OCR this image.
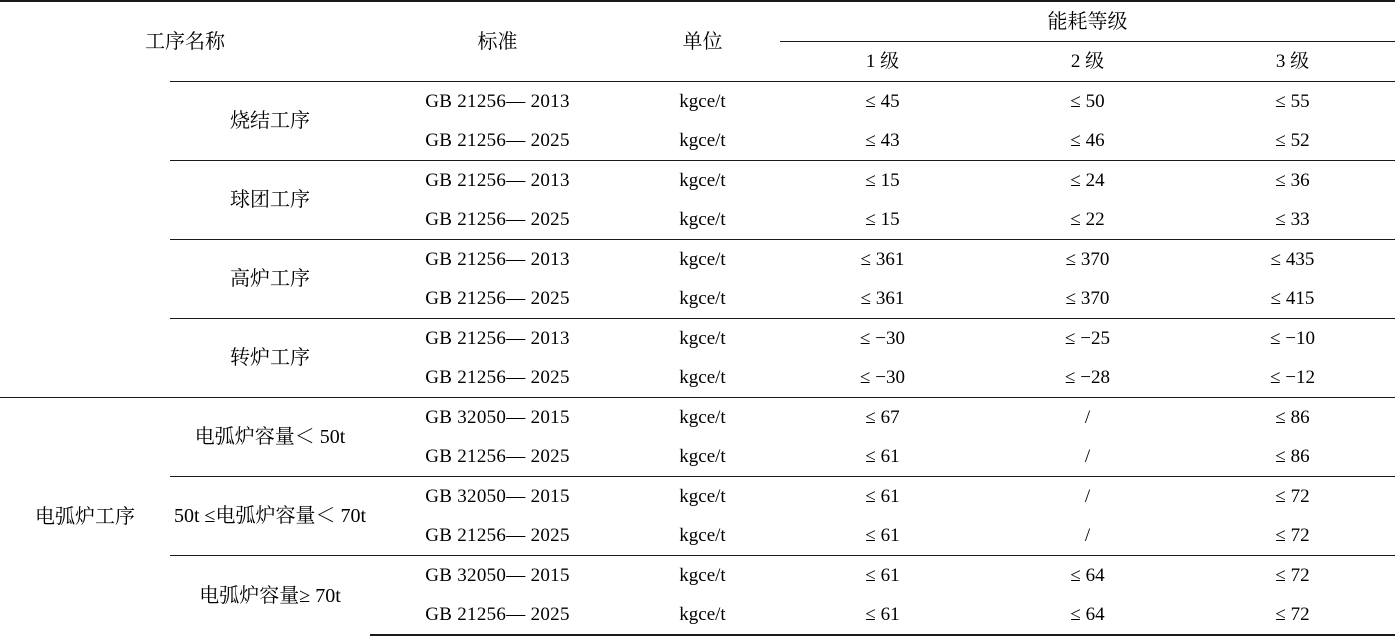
工序名称		标准	单位	能耗等级		
				1 级	2 级	3 级
	烧结工序	GB 21256— 2013	kgce/t	≤ 45	≤ 50	≤ 55
		GB 21256— 2025	kgce/t	≤ 43	≤ 46	≤ 52
	球团工序	GB 21256— 2013	kgce/t	≤ 15	≤ 24	≤ 36
		GB 21256— 2025	kgce/t	≤ 15	≤ 22	≤ 33
	高炉工序	GB 21256— 2013	kgce/t	≤ 361	≤ 370	≤ 435
		GB 21256— 2025	kgce/t	≤ 361	≤ 370	≤ 415
	转炉工序	GB 21256— 2013	kgce/t	≤ −30	≤ −25	≤ −10
		GB 21256— 2025	kgce/t	≤ −30	≤ −28	≤ −12
电弧炉工序	电弧炉容量＜ 50t	GB 32050— 2015	kgce/t	≤ 67	/	≤ 86
		GB 21256— 2025	kgce/t	≤ 61	/	≤ 86
	50t ≤电弧炉容量＜ 70t	GB 32050— 2015	kgce/t	≤ 61	/	≤ 72
		GB 21256— 2025	kgce/t	≤ 61	/	≤ 72
	电弧炉容量≥ 70t	GB 32050— 2015	kgce/t	≤ 61	≤ 64	≤ 72
		GB 21256— 2025	kgce/t	≤ 61	≤ 64	≤ 72
